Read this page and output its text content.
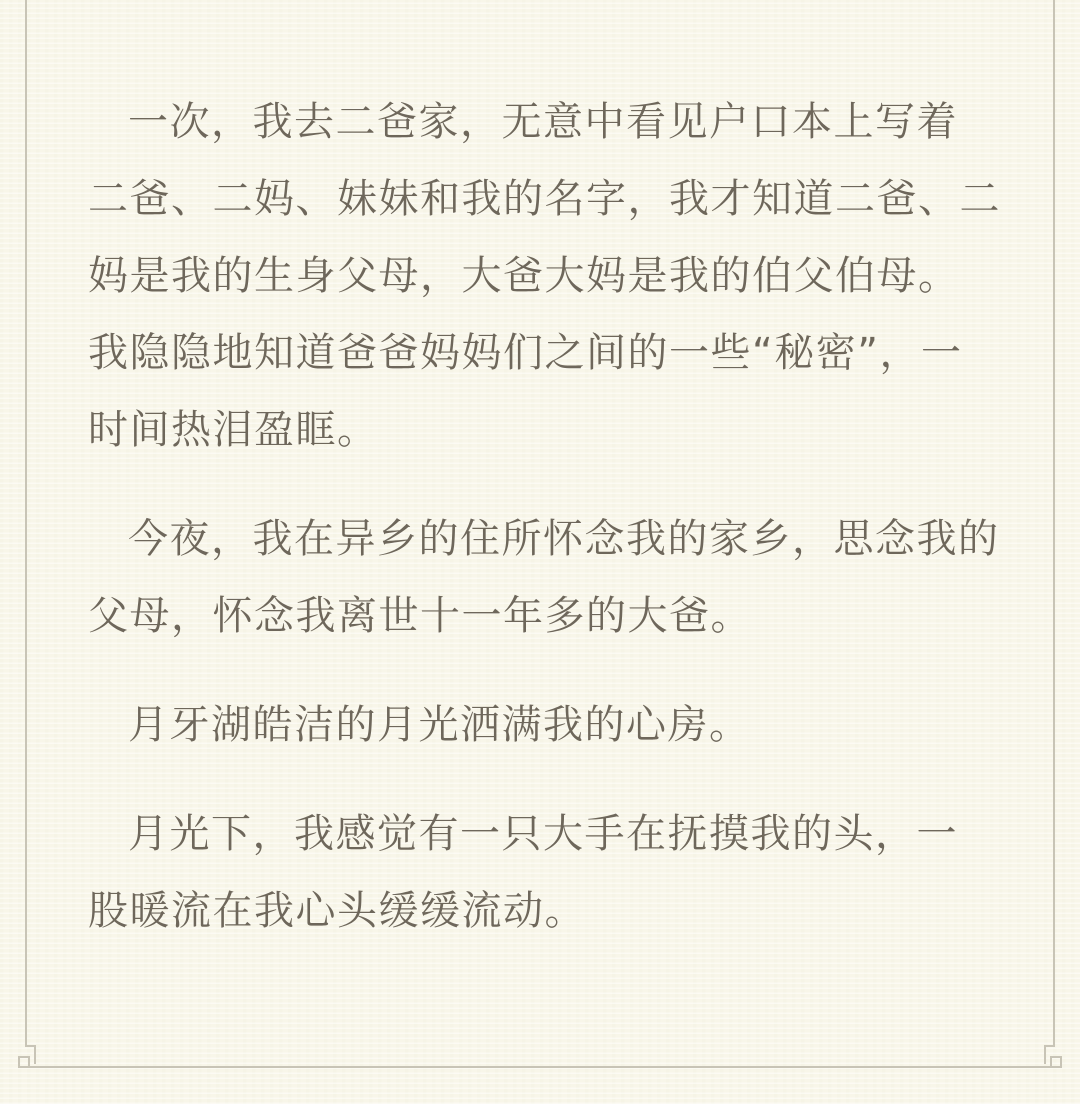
一次，我去二爸家，无意中看见户口本上写着
二爸、二妈、妹妹和我的名字，我才知道二爸、二
妈是我的生身父母，大爸大妈是我的伯父伯母。
我隐隐地知道爸爸妈妈们之间的一些“秘密”，一
时间热泪盈眶。
今夜，我在异乡的住所怀念我的家乡，思念我的
父母，怀念我离世十一年多的大爸。
月牙湖皓洁的月光洒满我的心房。
月光下，我感觉有一只大手在抚摸我的头，一
股暖流在我心头缓缓流动。
